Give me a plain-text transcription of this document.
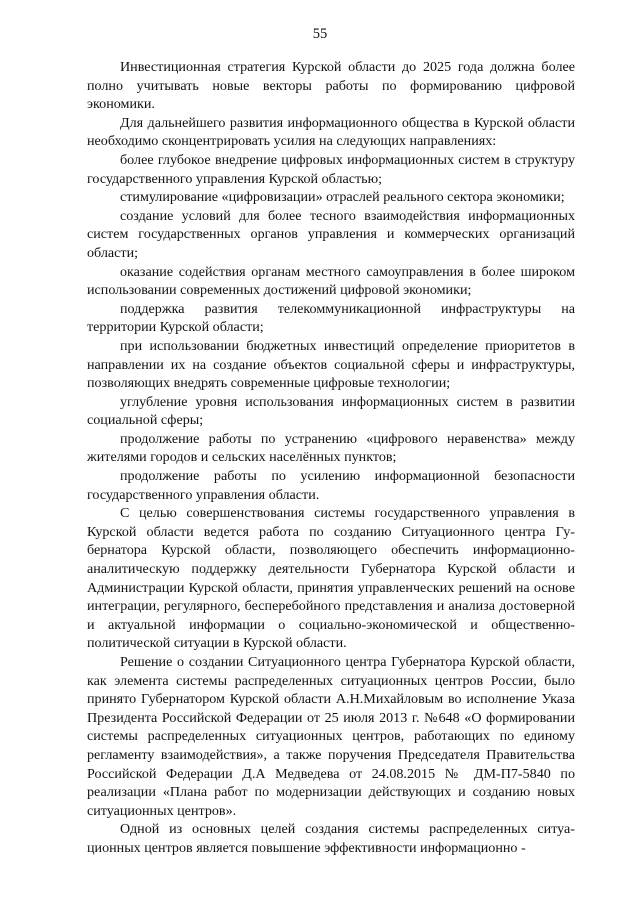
55

Инвестиционная стратегия Курской области до 2025 года должна более полно учитывать новые векторы работы по формированию цифровой экономики.

Для дальнейшего развития информационного общества в Курской области необходимо сконцентрировать усилия на следующих направлениях:

более глубокое внедрение цифровых информационных систем в структуру государственного управления Курской областью;

стимулирование «цифровизации» отраслей реального сектора экономики;

создание условий для более тесного взаимодействия информационных систем государственных органов управления и коммерческих организаций области;

оказание содействия органам местного самоуправления в более широком использовании современных достижений цифровой экономики;

поддержка развития телекоммуникационной инфраструктуры на территории Курской области;

при использовании бюджетных инвестиций определение приоритетов в направлении их на создание объектов социальной сферы и инфраструктуры, позволяющих внедрять современные цифровые технологии;

углубление уровня использования информационных систем в развитии социальной сферы;

продолжение работы по устранению «цифрового неравенства» между жителями городов и сельских населённых пунктов;

продолжение работы по усилению информационной безопасности государственного управления области.

С целью совершенствования системы государственного управления в Курской области ведется работа по созданию Ситуационного центра Губернатора Курской области, позволяющего обеспечить информационно-аналитическую поддержку деятельности Губернатора Курской области и Администрации Курской области, принятия управленческих решений на основе интеграции, регулярного, бесперебойного представления и анализа достоверной и актуальной информации о социально-экономической и общественно-политической ситуации в Курской области.

Решение о создании Ситуационного центра Губернатора Курской области, как элемента системы распределенных ситуационных центров России, было принято Губернатором Курской области А.Н.Михайловым во исполнение Указа Президента Российской Федерации от 25 июля 2013 г. №648 «О формировании системы распределенных ситуационных центров, работающих по единому регламенту взаимодействия», а также поручения Председателя Правительства Российской Федерации Д.А Медведева от 24.08.2015 № ДМ-П7-5840 по реализации «Плана работ по модернизации действующих и созданию новых ситуационных центров».

Одной из основных целей создания системы распределенных ситуационных центров является повышение эффективности информационно -
